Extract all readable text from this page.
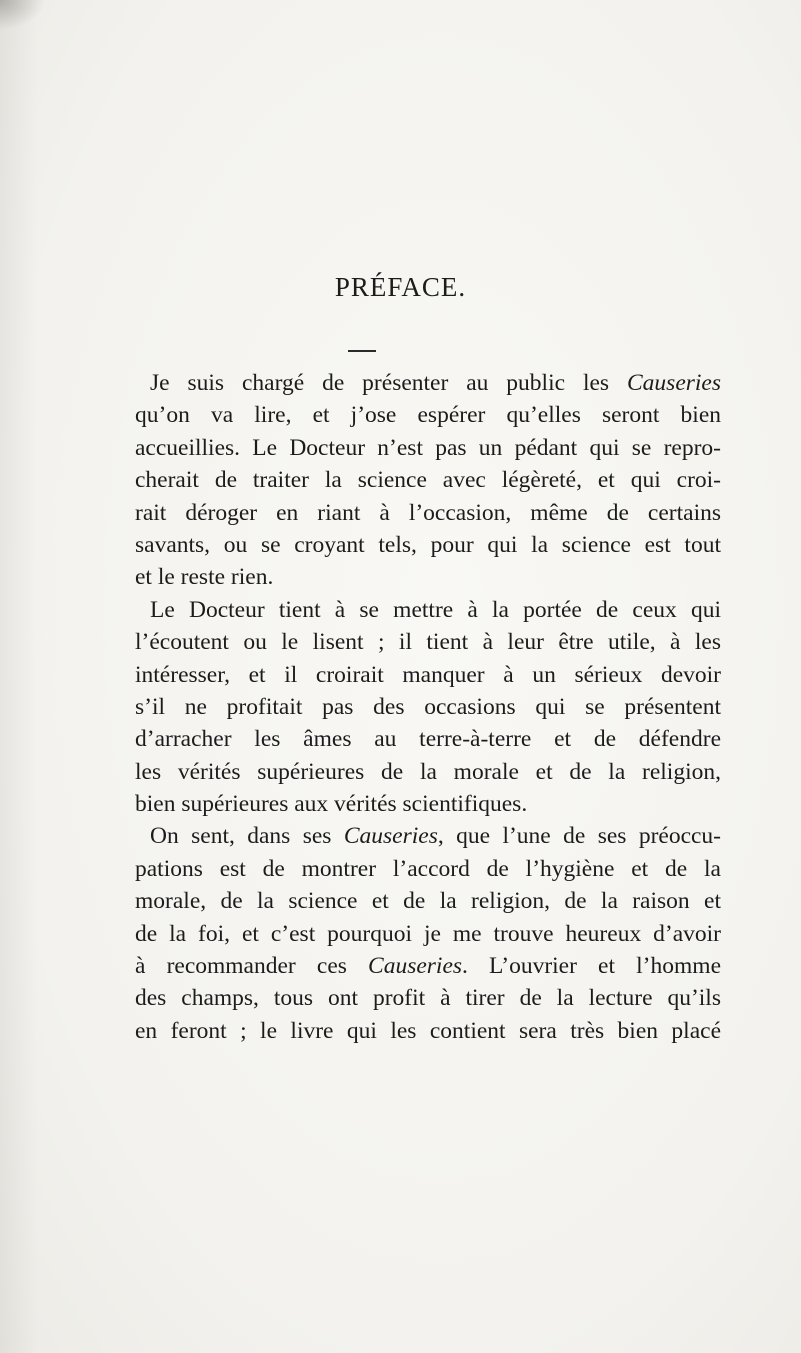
PRÉFACE.
Je suis chargé de présenter au public les Causeries
qu’on va lire, et j’ose espérer qu’elles seront bien
accueillies. Le Docteur n’est pas un pédant qui se repro-
cherait de traiter la science avec légèreté, et qui croi-
rait déroger en riant à l’occasion, même de certains
savants, ou se croyant tels, pour qui la science est tout
et le reste rien.
Le Docteur tient à se mettre à la portée de ceux qui
l’écoutent ou le lisent ; il tient à leur être utile, à les
intéresser, et il croirait manquer à un sérieux devoir
s’il ne profitait pas des occasions qui se présentent
d’arracher les âmes au terre-à-terre et de défendre
les vérités supérieures de la morale et de la religion,
bien supérieures aux vérités scientifiques.
On sent, dans ses Causeries, que l’une de ses préoccu-
pations est de montrer l’accord de l’hygiène et de la
morale, de la science et de la religion, de la raison et
de la foi, et c’est pourquoi je me trouve heureux d’avoir
à recommander ces Causeries. L’ouvrier et l’homme
des champs, tous ont profit à tirer de la lecture qu’ils
en feront ; le livre qui les contient sera très bien placé
